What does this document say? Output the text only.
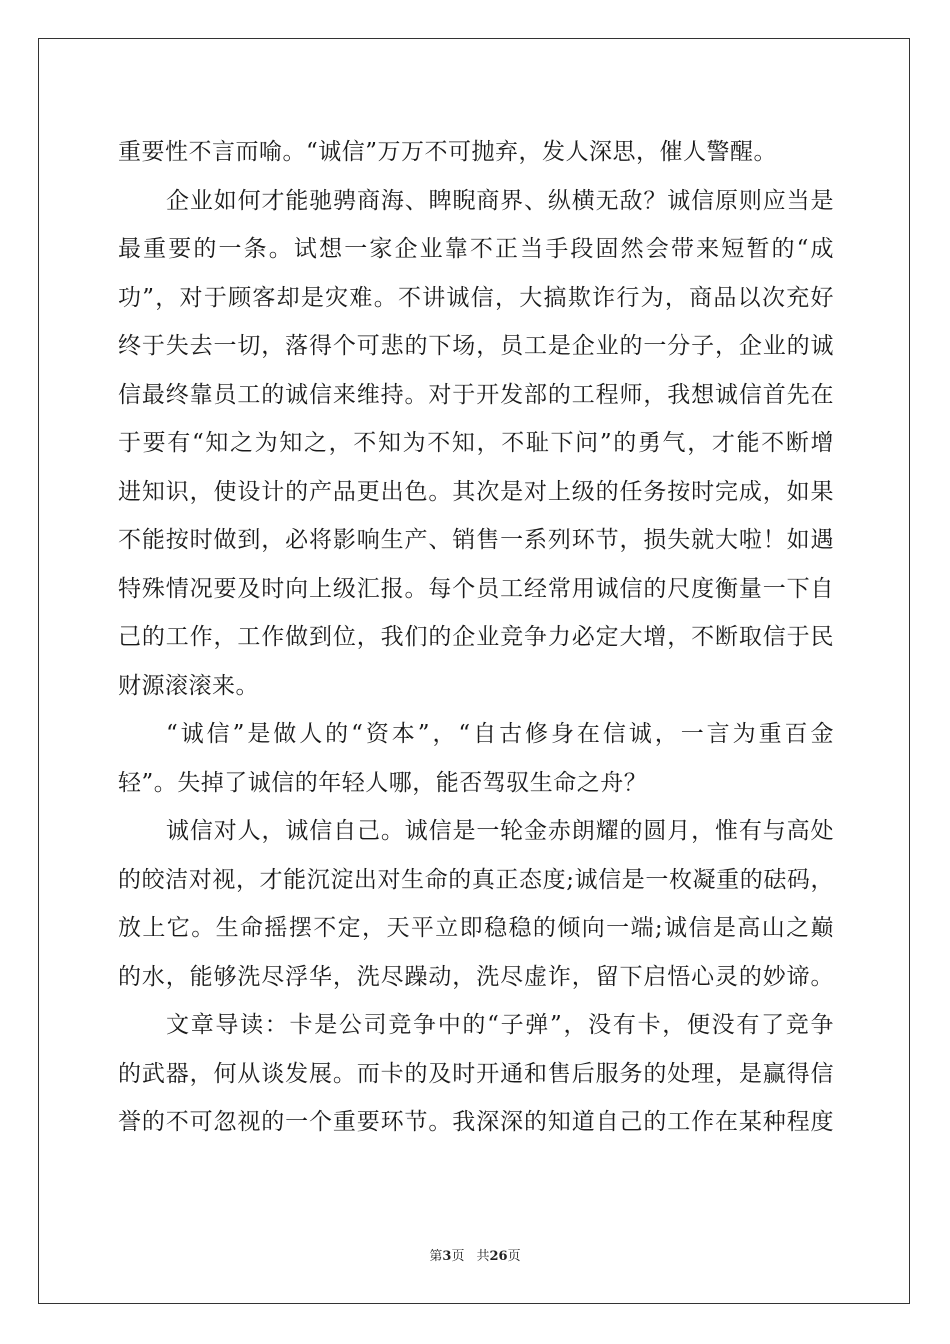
重要性不言而喻。“诚信”万万不可抛弃，发人深思，催人警醒。
企业如何才能驰骋商海、睥睨商界、纵横无敌？诚信原则应当是
最重要的一条。试想一家企业靠不正当手段固然会带来短暂的“成
功”，对于顾客却是灾难。不讲诚信，大搞欺诈行为，商品以次充好
终于失去一切，落得个可悲的下场，员工是企业的一分子，企业的诚
信最终靠员工的诚信来维持。对于开发部的工程师，我想诚信首先在
于要有“知之为知之，不知为不知，不耻下问”的勇气，才能不断增
进知识，使设计的产品更出色。其次是对上级的任务按时完成，如果
不能按时做到，必将影响生产、销售一系列环节，损失就大啦！如遇
特殊情况要及时向上级汇报。每个员工经常用诚信的尺度衡量一下自
己的工作，工作做到位，我们的企业竞争力必定大增，不断取信于民
财源滚滚来。
“诚信”是做人的“资本”，“自古修身在信诚，一言为重百金
轻”。失掉了诚信的年轻人哪，能否驾驭生命之舟？
诚信对人，诚信自己。诚信是一轮金赤朗耀的圆月，惟有与高处
的皎洁对视，才能沉淀出对生命的真正态度;诚信是一枚凝重的砝码，
放上它。生命摇摆不定，天平立即稳稳的倾向一端;诚信是高山之巅
的水，能够洗尽浮华，洗尽躁动，洗尽虚诈，留下启悟心灵的妙谛。
文章导读：卡是公司竞争中的“子弹”，没有卡，便没有了竞争
的武器，何从谈发展。而卡的及时开通和售后服务的处理，是赢得信
誉的不可忽视的一个重要环节。我深深的知道自己的工作在某种程度
第3页 共26页
